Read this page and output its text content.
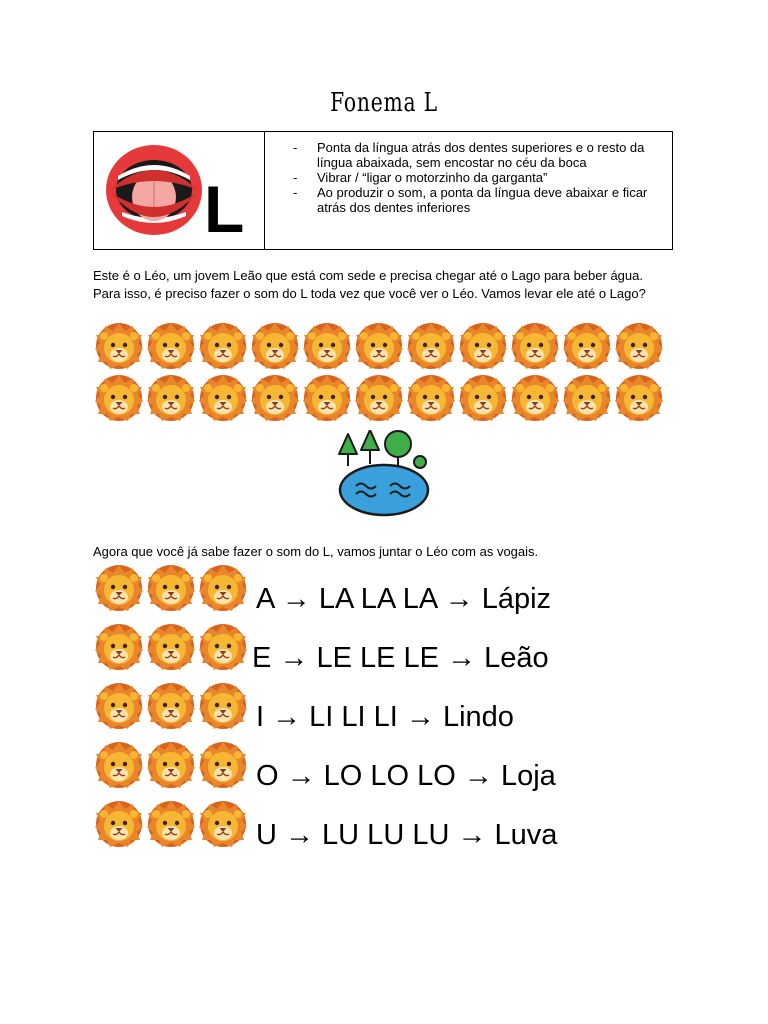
Fonema L
L
- Ponta da língua atrás dos dentes superiores e o resto da língua abaixada, sem encostar no céu da boca
- Vibrar / “ligar o motorzinho da garganta”
- Ao produzir o som, a ponta da língua deve abaixar e ficar atrás dos dentes inferiores
Este é o Léo, um jovem Leão que está com sede e precisa chegar até o Lago para beber água. Para isso, é preciso fazer o som do L toda vez que você ver o Léo. Vamos levar ele até o Lago?
Agora que você já sabe fazer o som do L, vamos juntar o Léo com as vogais.
A → LA LA LA → Lápiz
E → LE LE LE → Leão
I → LI LI LI → Lindo
O → LO LO LO → Loja
U → LU LU LU → Luva
